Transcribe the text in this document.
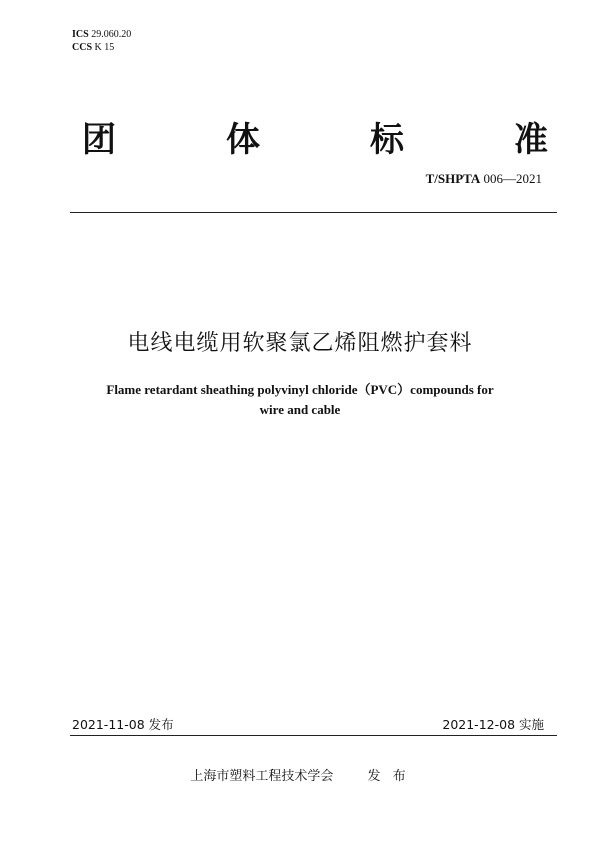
ICS 29.060.20
CCS K 15
团	体	标	准
T/SHPTA 006—2021
电线电缆用软聚氯乙烯阻燃护套料
Flame retardant sheathing polyvinyl chloride（PVC）compounds for
wire and cable
2021-11-08 发布	2021-12-08 实施
上海市塑料工程技术学会	发 布
